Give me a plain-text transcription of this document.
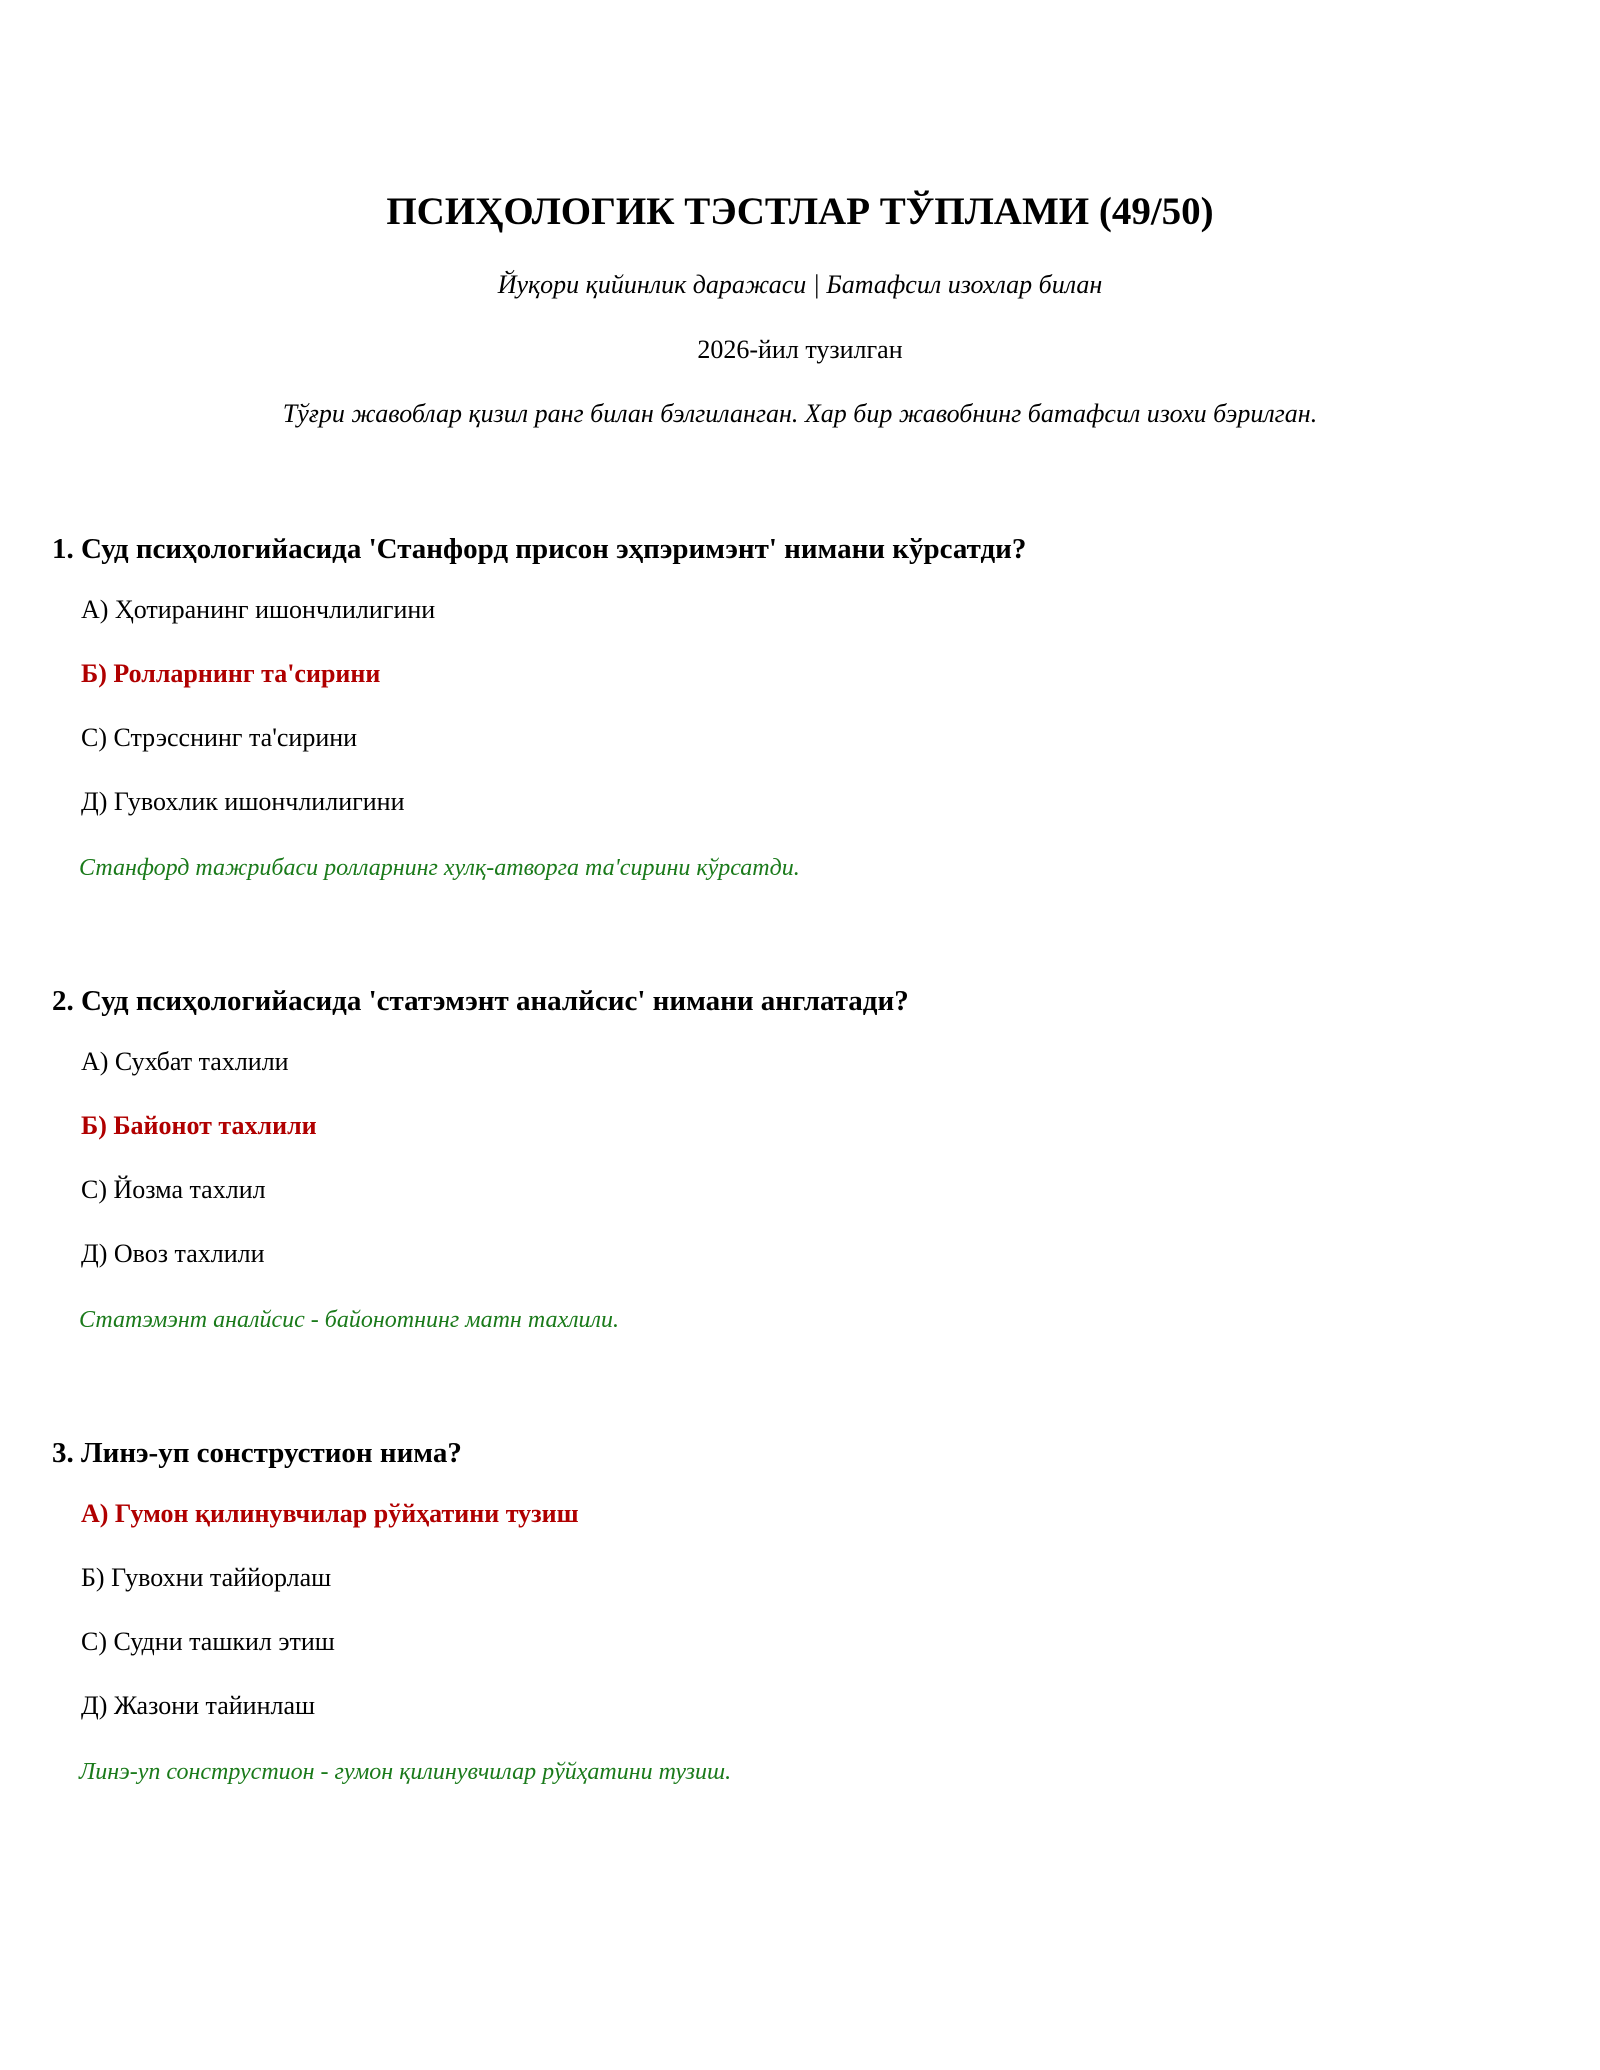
ПСИҲОЛОГИК ТЭСТЛАР ТЎПЛАМИ (49/50)
Йуқори қийинлик даражаси | Батафсил изохлар билан
2026-йил тузилган
Тўғри жавоблар қизил ранг билан бэлгиланган. Хар бир жавобнинг батафсил изохи бэрилган.

1. Суд псиҳологийасида 'Станфорд присон эҳпэримэнт' нимани кўрсатди?

А) Ҳотиранинг ишончлилигини

Б) Ролларнинг та'сирини

С) Стрэсснинг та'сирини

Д) Гувохлик ишончлилигини

Станфорд тажрибаси ролларнинг хулқ-атворга та'сирини кўрсатди.

2. Суд псиҳологийасида 'статэмэнт аналйсис' нимани англатади?

А) Сухбат тахлили

Б) Байонот тахлили

С) Йозма тахлил

Д) Овоз тахлили

Статэмэнт аналйсис - байонотнинг матн тахлили.

3. Линэ-уп сонструстион нима?

А) Гумон қилинувчилар рўйҳатини тузиш

Б) Гувохни таййорлаш

С) Судни ташкил этиш

Д) Жазони тайинлаш

Линэ-уп сонструстион - гумон қилинувчилар рўйҳатини тузиш.
